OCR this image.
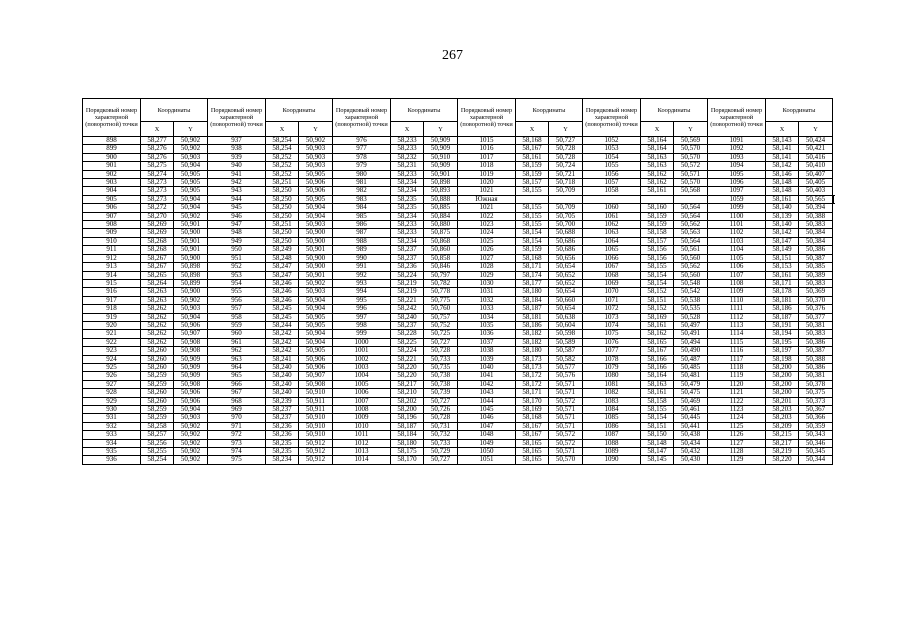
267
Порядковый номер характерной (поворотной) точки	Координаты		Порядковый номер характерной (поворотной) точки	Координаты		Порядковый номер характерной (поворотной) точки	Координаты		Порядковый номер характерной (поворотной) точки	Координаты		Порядковый номер характерной (поворотной) точки	Координаты		Порядковый номер характерной (поворотной) точки	Координаты		
	X	Y		X	Y		X	Y		X	Y		X	Y		X	Y	
898	58,277	50,902	937	58,254	50,902	976	58,233	50,909	1015	58,168	50,727	1052	58,164	50,569	1091	58,143	50,424	
899	58,276	50,902	938	58,254	50,903	977	58,233	50,909	1016	58,167	50,728	1053	58,164	50,570	1092	58,141	50,421	
900	58,276	50,903	939	58,252	50,903	978	58,232	50,910	1017	58,161	50,728	1054	58,163	50,570	1093	58,141	50,416	
901	58,275	50,904	940	58,252	50,903	979	58,231	50,909	1018	58,159	50,724	1055	58,163	50,572	1094	58,142	50,410	
902	58,274	50,905	941	58,252	50,905	980	58,233	50,901	1019	58,159	50,721	1056	58,162	50,571	1095	58,146	50,407	
903	58,273	50,905	942	58,251	50,906	981	58,234	50,898	1020	58,157	50,718	1057	58,162	50,570	1096	58,148	50,405	
904	58,273	50,905	943	58,250	50,906	982	58,234	50,893	1021	58,155	50,709	1058	58,161	50,568	1097	58,148	50,403	
905	58,273	50,904	944	58,250	50,905	983	58,235	50,888	Южная						1059	58,161	50,565			
906	58,272	50,904	945	58,250	50,904	984	58,235	50,885	1021	58,155	50,709	1060	58,160	50,564	1099	58,140	50,394	
907	58,270	50,902	946	58,250	50,904	985	58,234	50,884	1022	58,155	50,705	1061	58,159	50,564	1100	58,139	50,388	
908	58,269	50,901	947	58,251	50,903	986	58,233	50,880	1023	58,155	50,700	1062	58,159	50,562	1101	58,140	50,383	
909	58,269	50,900	948	58,250	50,900	987	58,233	50,875	1024	58,154	50,688	1063	58,158	50,563	1102	58,142	50,384	
910	58,268	50,901	949	58,250	50,900	988	58,234	50,868	1025	58,154	50,686	1064	58,157	50,564	1103	58,147	50,384	
911	58,268	50,901	950	58,249	50,901	989	58,237	50,860	1026	58,159	50,686	1065	58,156	50,561	1104	58,149	50,386	
912	58,267	50,900	951	58,248	50,900	990	58,237	50,858	1027	58,168	50,656	1066	58,156	50,560	1105	58,151	50,387	
913	58,267	50,898	952	58,247	50,900	991	58,236	50,846	1028	58,171	50,654	1067	58,155	50,562	1106	58,153	50,385	
914	58,265	50,898	953	58,247	50,901	992	58,224	50,797	1029	58,174	50,652	1068	58,154	50,560	1107	58,161	50,389	
915	58,264	50,899	954	58,246	50,902	993	58,219	50,782	1030	58,177	50,652	1069	58,154	50,548	1108	58,171	50,383	
916	58,263	50,900	955	58,246	50,903	994	58,219	50,778	1031	58,180	50,654	1070	58,152	50,542	1109	58,178	50,369	
917	58,263	50,902	956	58,246	50,904	995	58,221	50,775	1032	58,184	50,660	1071	58,151	50,538	1110	58,181	50,370	
918	58,262	50,903	957	58,245	50,904	996	58,242	50,760	1033	58,187	50,654	1072	58,152	50,535	1111	58,186	50,376	
919	58,262	50,904	958	58,245	50,905	997	58,240	50,757	1034	58,181	50,638	1073	58,169	50,528	1112	58,187	50,377	
920	58,262	50,906	959	58,244	50,905	998	58,237	50,752	1035	58,186	50,604	1074	58,161	50,497	1113	58,191	50,381	
921	58,262	50,907	960	58,242	50,904	999	58,228	50,725	1036	58,182	50,598	1075	58,162	50,491	1114	58,194	50,383	
922	58,262	50,908	961	58,242	50,904	1000	58,225	50,727	1037	58,182	50,589	1076	58,165	50,494	1115	58,195	50,386	
923	58,260	50,908	962	58,242	50,905	1001	58,224	50,728	1038	58,180	50,587	1077	58,167	50,490	1116	58,197	50,387	
924	58,260	50,909	963	58,241	50,906	1002	58,221	50,733	1039	58,173	50,582	1078	58,166	50,487	1117	58,198	50,388	
925	58,260	50,909	964	58,240	50,906	1003	58,220	50,735	1040	58,173	50,577	1079	58,166	50,485	1118	58,200	50,386	
926	58,259	50,909	965	58,240	50,907	1004	58,220	50,738	1041	58,172	50,576	1080	58,164	50,481	1119	58,200	50,381	
927	58,259	50,908	966	58,240	50,908	1005	58,217	50,738	1042	58,172	50,571	1081	58,163	50,479	1120	58,200	50,378	
928	58,260	50,906	967	58,240	50,910	1006	58,210	50,739	1043	58,171	50,571	1082	58,161	50,475	1121	58,200	50,375	
929	58,260	50,906	968	58,239	50,911	1007	58,202	50,727	1044	58,170	50,572	1083	58,158	50,469	1122	58,201	50,373	
930	58,259	50,904	969	58,237	50,911	1008	58,200	50,726	1045	58,169	50,571	1084	58,155	50,461	1123	58,203	50,367	
931	58,259	50,903	970	58,237	50,910	1009	58,196	50,728	1046	58,168	50,571	1085	58,154	50,445	1124	58,203	50,366	
932	58,258	50,902	971	58,236	50,910	1010	58,187	50,731	1047	58,167	50,571	1086	58,151	50,441	1125	58,209	50,359	
933	58,257	50,902	972	58,236	50,910	1011	58,184	50,732	1048	58,167	50,572	1087	58,150	50,438	1126	58,215	50,343	
934	58,256	50,902	973	58,235	50,912	1012	58,180	50,733	1049	58,165	50,572	1088	58,148	50,434	1127	58,217	50,346	
935	58,255	50,902	974	58,235	50,912	1013	58,175	50,729	1050	58,165	50,571	1089	58,147	50,432	1128	58,219	50,345	
936	58,254	50,902	975	58,234	50,912	1014	58,170	50,727	1051	58,165	50,570	1090	58,145	50,430	1129	58,220	50,344	
